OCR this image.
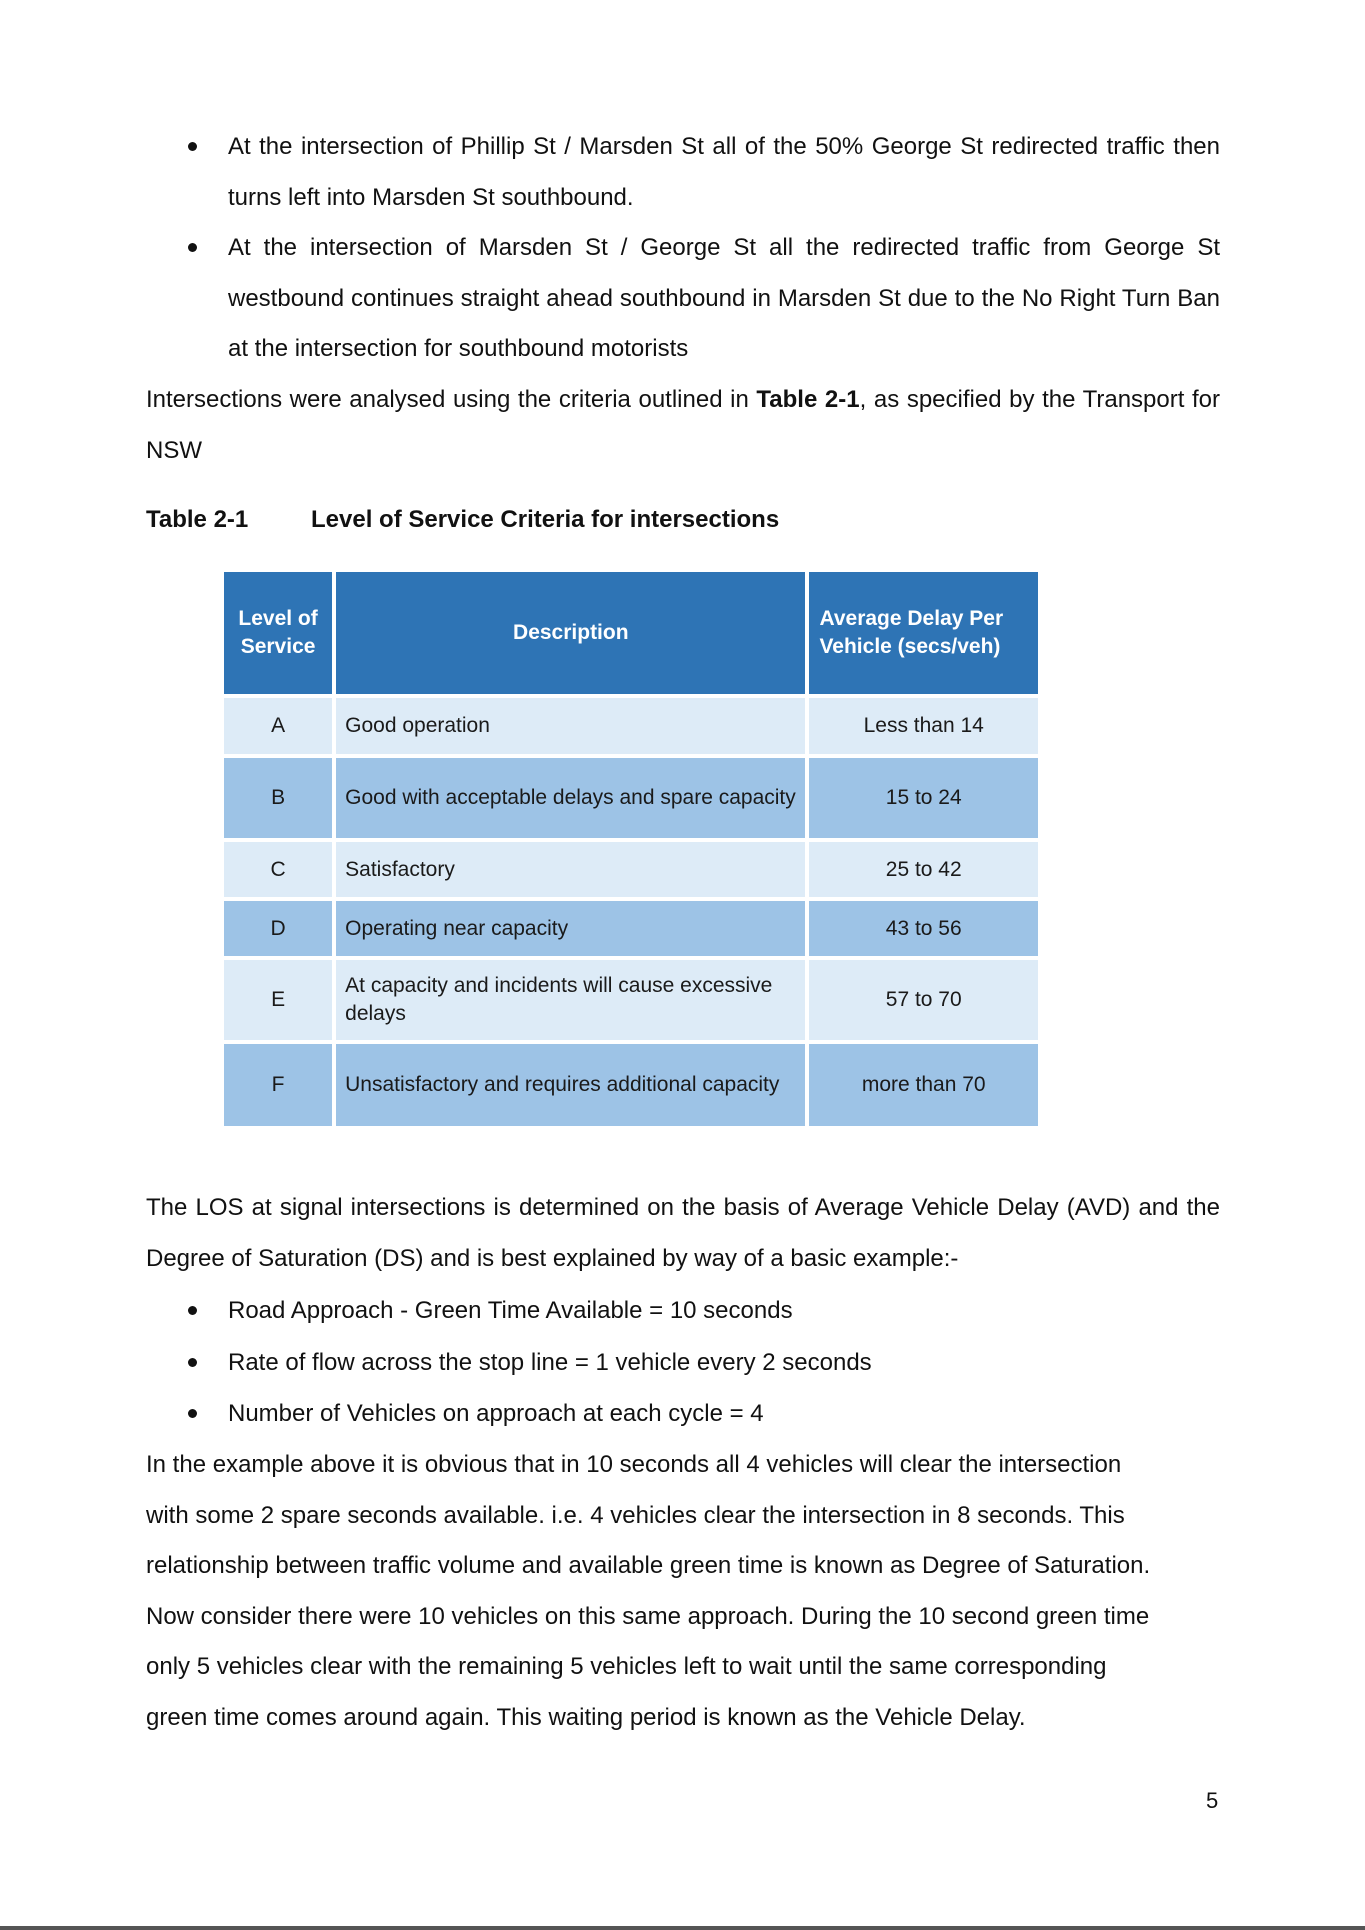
At the intersection of Phillip St / Marsden St all of the 50% George St redirected traffic then turns left into Marsden St southbound.
At the intersection of Marsden St / George St all the redirected traffic from George St westbound continues straight ahead southbound in Marsden St due to the No Right Turn Ban at the intersection for southbound motorists

Intersections were analysed using the criteria outlined in Table 2-1, as specified by the Transport for NSW

Table 2-1	Level of Service Criteria for intersections

Level of Service	Description	Average Delay Per Vehicle (secs/veh)
A	Good operation	Less than 14
B	Good with acceptable delays and spare capacity	15 to 24
C	Satisfactory	25 to 42
D	Operating near capacity	43 to 56
E	At capacity and incidents will cause excessive delays	57 to 70
F	Unsatisfactory and requires additional capacity	more than 70

The LOS at signal intersections is determined on the basis of Average Vehicle Delay (AVD) and the Degree of Saturation (DS) and is best explained by way of a basic example:-

Road Approach - Green Time Available = 10 seconds
Rate of flow across the stop line = 1 vehicle every 2 seconds
Number of Vehicles on approach at each cycle = 4
In the example above it is obvious that in 10 seconds all 4 vehicles will clear the intersection
with some 2 spare seconds available. i.e. 4 vehicles clear the intersection in 8 seconds. This
relationship between traffic volume and available green time is known as Degree of Saturation.
Now consider there were 10 vehicles on this same approach. During the 10 second green time
only 5 vehicles clear with the remaining 5 vehicles left to wait until the same corresponding
green time comes around again. This waiting period is known as the Vehicle Delay.

5
